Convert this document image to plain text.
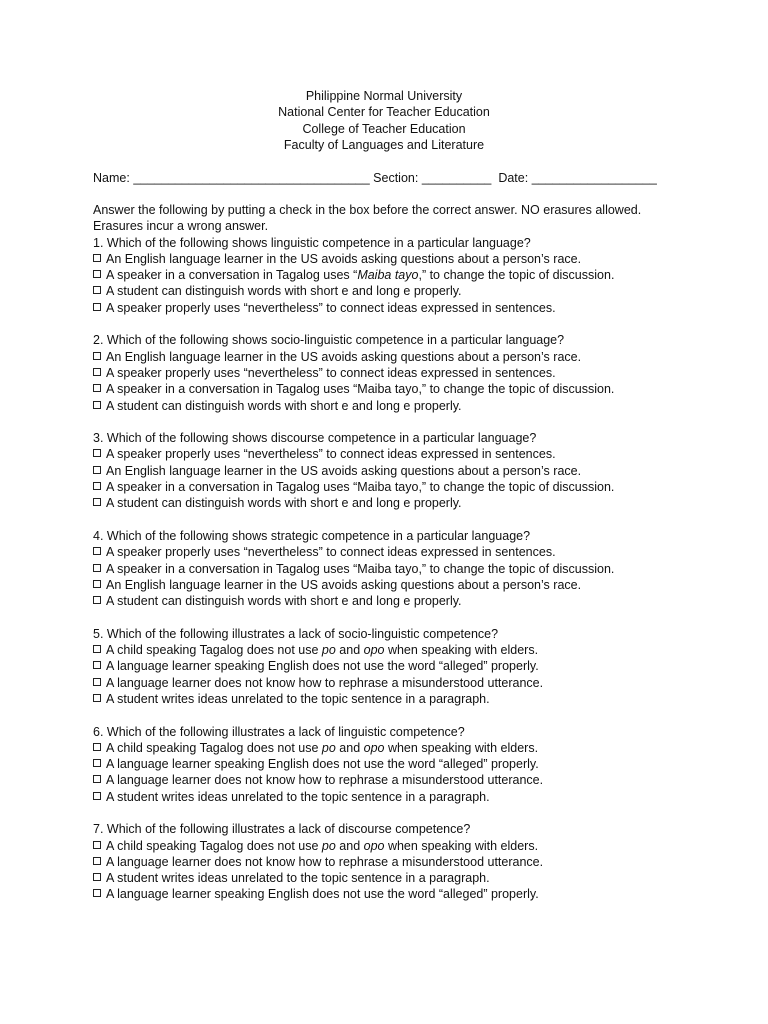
Philippine Normal University
National Center for Teacher Education
College of Teacher Education
Faculty of Languages and Literature
Name: __________________________________ Section: __________ Date: __________________
Answer the following by putting a check in the box before the correct answer. NO erasures allowed.
Erasures incur a wrong answer.
1. Which of the following shows linguistic competence in a particular language?
An English language learner in the US avoids asking questions about a person’s race.
A speaker in a conversation in Tagalog uses “Maiba tayo,” to change the topic of discussion.
A student can distinguish words with short e and long e properly.
A speaker properly uses “nevertheless” to connect ideas expressed in sentences.
2. Which of the following shows socio-linguistic competence in a particular language?
An English language learner in the US avoids asking questions about a person’s race.
A speaker properly uses “nevertheless” to connect ideas expressed in sentences.
A speaker in a conversation in Tagalog uses “Maiba tayo,” to change the topic of discussion.
A student can distinguish words with short e and long e properly.
3. Which of the following shows discourse competence in a particular language?
A speaker properly uses “nevertheless” to connect ideas expressed in sentences.
An English language learner in the US avoids asking questions about a person’s race.
A speaker in a conversation in Tagalog uses “Maiba tayo,” to change the topic of discussion.
A student can distinguish words with short e and long e properly.
4. Which of the following shows strategic competence in a particular language?
A speaker properly uses “nevertheless” to connect ideas expressed in sentences.
A speaker in a conversation in Tagalog uses “Maiba tayo,” to change the topic of discussion.
An English language learner in the US avoids asking questions about a person’s race.
A student can distinguish words with short e and long e properly.
5. Which of the following illustrates a lack of socio-linguistic competence?
A child speaking Tagalog does not use po and opo when speaking with elders.
A language learner speaking English does not use the word “alleged” properly.
A language learner does not know how to rephrase a misunderstood utterance.
A student writes ideas unrelated to the topic sentence in a paragraph.
6. Which of the following illustrates a lack of linguistic competence?
A child speaking Tagalog does not use po and opo when speaking with elders.
A language learner speaking English does not use the word “alleged” properly.
A language learner does not know how to rephrase a misunderstood utterance.
A student writes ideas unrelated to the topic sentence in a paragraph.
7. Which of the following illustrates a lack of discourse competence?
A child speaking Tagalog does not use po and opo when speaking with elders.
A language learner does not know how to rephrase a misunderstood utterance.
A student writes ideas unrelated to the topic sentence in a paragraph.
A language learner speaking English does not use the word “alleged” properly.
